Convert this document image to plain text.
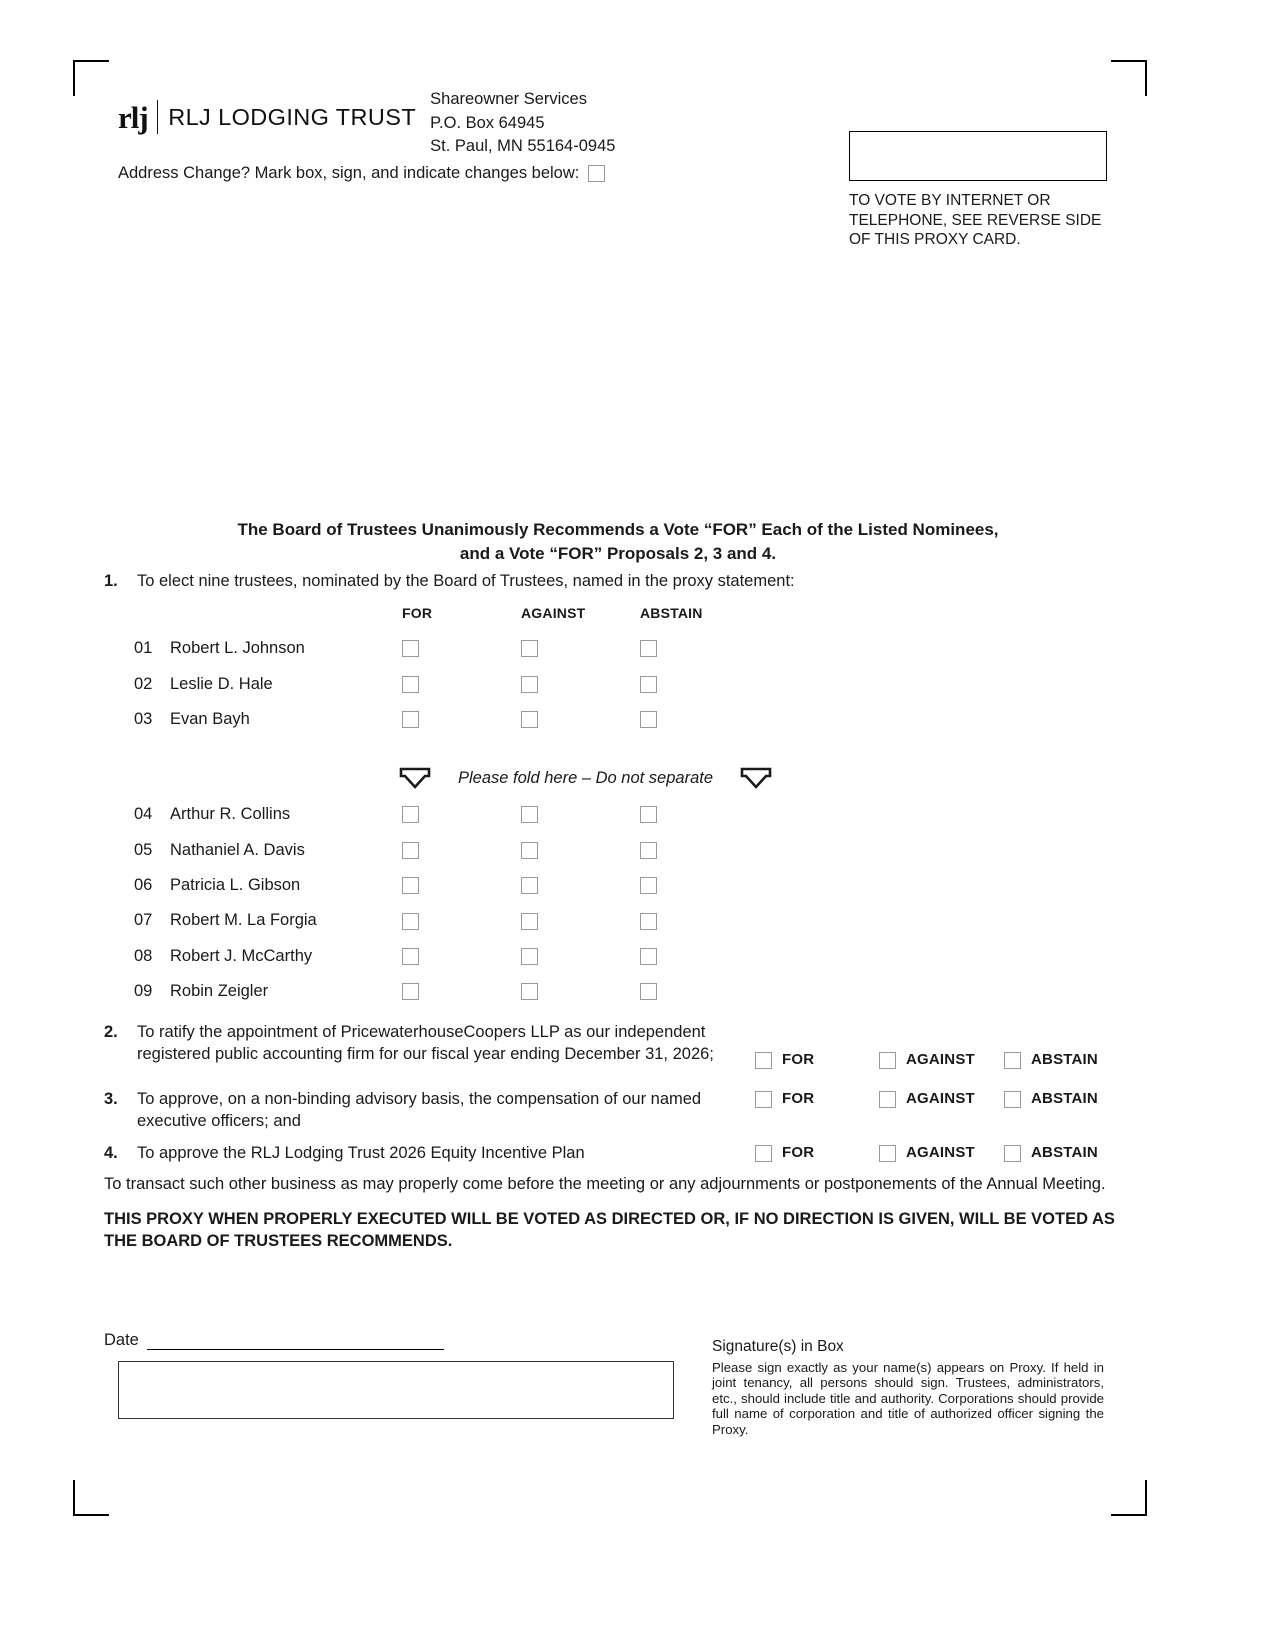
rlj RLJ LODGING TRUST
Shareowner Services
P.O. Box 64945
St. Paul, MN 55164-0945
Address Change? Mark box, sign, and indicate changes below:
TO VOTE BY INTERNET OR TELEPHONE, SEE REVERSE SIDE OF THIS PROXY CARD.
The Board of Trustees Unanimously Recommends a Vote “FOR” Each of the Listed Nominees,
and a Vote “FOR” Proposals 2, 3 and 4.
1.	To elect nine trustees, nominated by the Board of Trustees, named in the proxy statement:
FOR	AGAINST	ABSTAIN
01	Robert L. Johnson
02	Leslie D. Hale
03	Evan Bayh
Please fold here – Do not separate
04	Arthur R. Collins
05	Nathaniel A. Davis
06	Patricia L. Gibson
07	Robert M. La Forgia
08	Robert J. McCarthy
09	Robin Zeigler
2.	To ratify the appointment of PricewaterhouseCoopers LLP as our independent registered public accounting firm for our fiscal year ending December 31, 2026;	FOR	AGAINST	ABSTAIN
3.	To approve, on a non-binding advisory basis, the compensation of our named executive officers; and
FOR	AGAINST	ABSTAIN
4.	To approve the RLJ Lodging Trust 2026 Equity Incentive Plan	FOR	AGAINST	ABSTAIN
To transact such other business as may properly come before the meeting or any adjournments or postponements of the Annual Meeting.
THIS PROXY WHEN PROPERLY EXECUTED WILL BE VOTED AS DIRECTED OR, IF NO DIRECTION IS GIVEN, WILL BE VOTED AS THE BOARD OF TRUSTEES RECOMMENDS.
Date	Signature(s) in Box
Please sign exactly as your name(s) appears on Proxy. If held in joint tenancy, all persons should sign. Trustees, administrators, etc., should include title and authority. Corporations should provide full name of corporation and title of authorized officer signing the Proxy.
